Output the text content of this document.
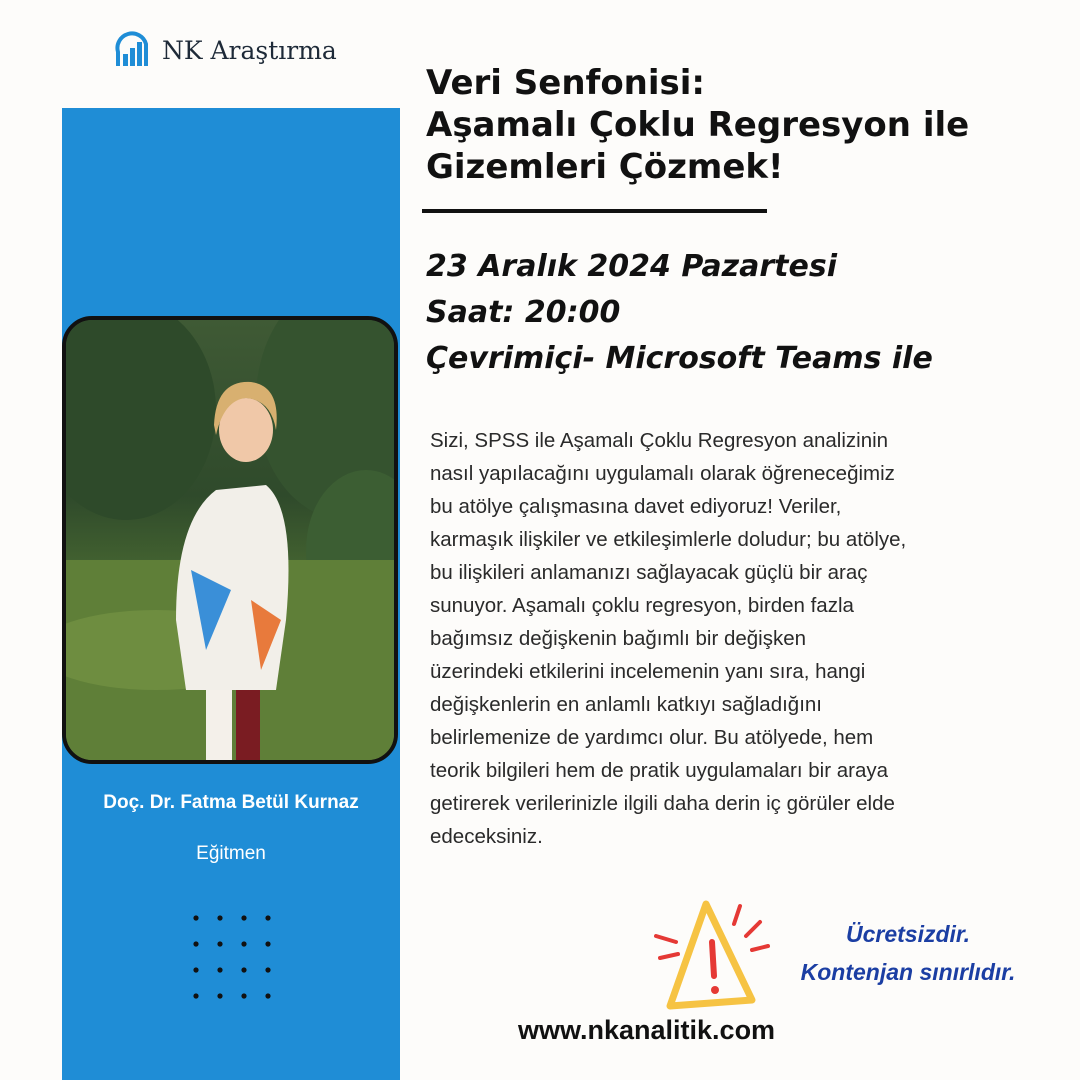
NK Araştırma
Doç. Dr. Fatma Betül Kurnaz
Eğitmen
Veri Senfonisi:
Aşamalı Çoklu Regresyon ile
Gizemleri Çözmek!
23 Aralık 2024 Pazartesi
Saat: 20:00
Çevrimiçi- Microsoft Teams ile
Sizi, SPSS ile Aşamalı Çoklu Regresyon analizinin
nasıl yapılacağını uygulamalı olarak öğreneceğimiz
bu atölye çalışmasına davet ediyoruz! Veriler,
karmaşık ilişkiler ve etkileşimlerle doludur; bu atölye,
bu ilişkileri anlamanızı sağlayacak güçlü bir araç
sunuyor. Aşamalı çoklu regresyon, birden fazla
bağımsız değişkenin bağımlı bir değişken
üzerindeki etkilerini incelemenin yanı sıra, hangi
değişkenlerin en anlamlı katkıyı sağladığını
belirlemenize de yardımcı olur. Bu atölyede, hem
teorik bilgileri hem de pratik uygulamaları bir araya
getirerek verilerinizle ilgili daha derin iç görüler elde
edeceksiniz.
Ücretsizdir.
Kontenjan sınırlıdır.
www.nkanalitik.com
